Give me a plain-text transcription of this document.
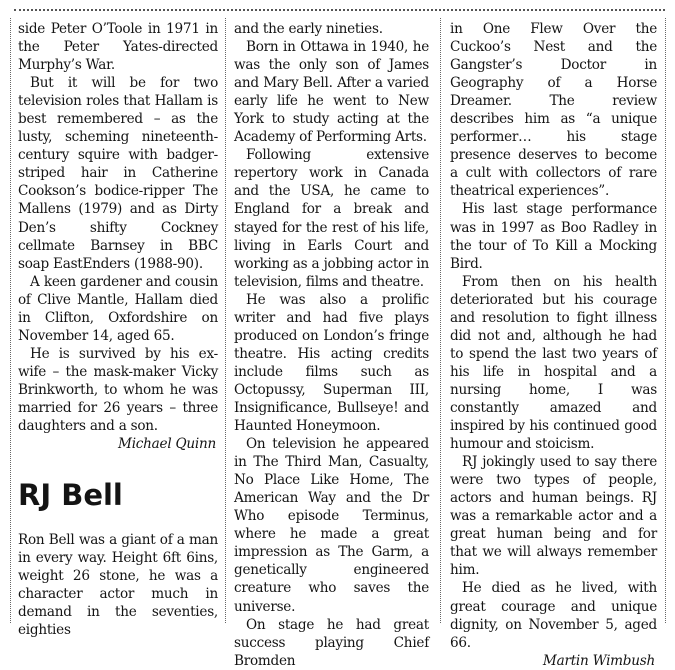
side Peter O’Toole in 1971 in the Peter Yates-directed Murphy’s War.

But it will be for two television roles that Hallam is best remembered – as the lusty, scheming nineteenth-century squire with badger-striped hair in Catherine Cookson’s bodice-ripper The Mallens (1979) and as Dirty Den’s shifty Cockney cellmate Barnsey in BBC soap EastEnders (1988-90).

A keen gardener and cousin of Clive Mantle, Hallam died in Clifton, Oxfordshire on November 14, aged 65.

He is survived by his ex-wife – the mask-maker Vicky Brinkworth, to whom he was married for 26 years – three daughters and a son.

Michael Quinn
RJ Bell

Ron Bell was a giant of a man in every way. Height 6ft 6ins, weight 26 stone, he was a character actor much in demand in the seventies, eighties

and the early nineties.

Born in Ottawa in 1940, he was the only son of James and Mary Bell. After a varied early life he went to New York to study acting at the Academy of Performing Arts.

Following extensive repertory work in Canada and the USA, he came to England for a break and stayed for the rest of his life, living in Earls Court and working as a jobbing actor in television, films and theatre.

He was also a prolific writer and had five plays produced on London’s fringe theatre. His acting credits include films such as Octopussy, Superman III, Insignificance, Bullseye! and Haunted Honeymoon.

On television he appeared in The Third Man, Casualty, No Place Like Home, The American Way and the Dr Who episode Terminus, where he made a great impression as The Garm, a genetically engineered creature who saves the universe.

On stage he had great success playing Chief Bromden

in One Flew Over the Cuckoo’s Nest and the Gangster’s Doctor in Geography of a Horse Dreamer. The review describes him as “a unique performer… his stage presence deserves to become a cult with collectors of rare theatrical experiences”.

His last stage performance was in 1997 as Boo Radley in the tour of To Kill a Mocking Bird.

From then on his health deteriorated but his courage and resolution to fight illness did not and, although he had to spend the last two years of his life in hospital and a nursing home, I was constantly amazed and inspired by his continued good humour and stoicism.

RJ jokingly used to say there were two types of people, actors and human beings. RJ was a remarkable actor and a great human being and for that we will always remember him.

He died as he lived, with great courage and unique dignity, on November 5, aged 66.

Martin Wimbush
